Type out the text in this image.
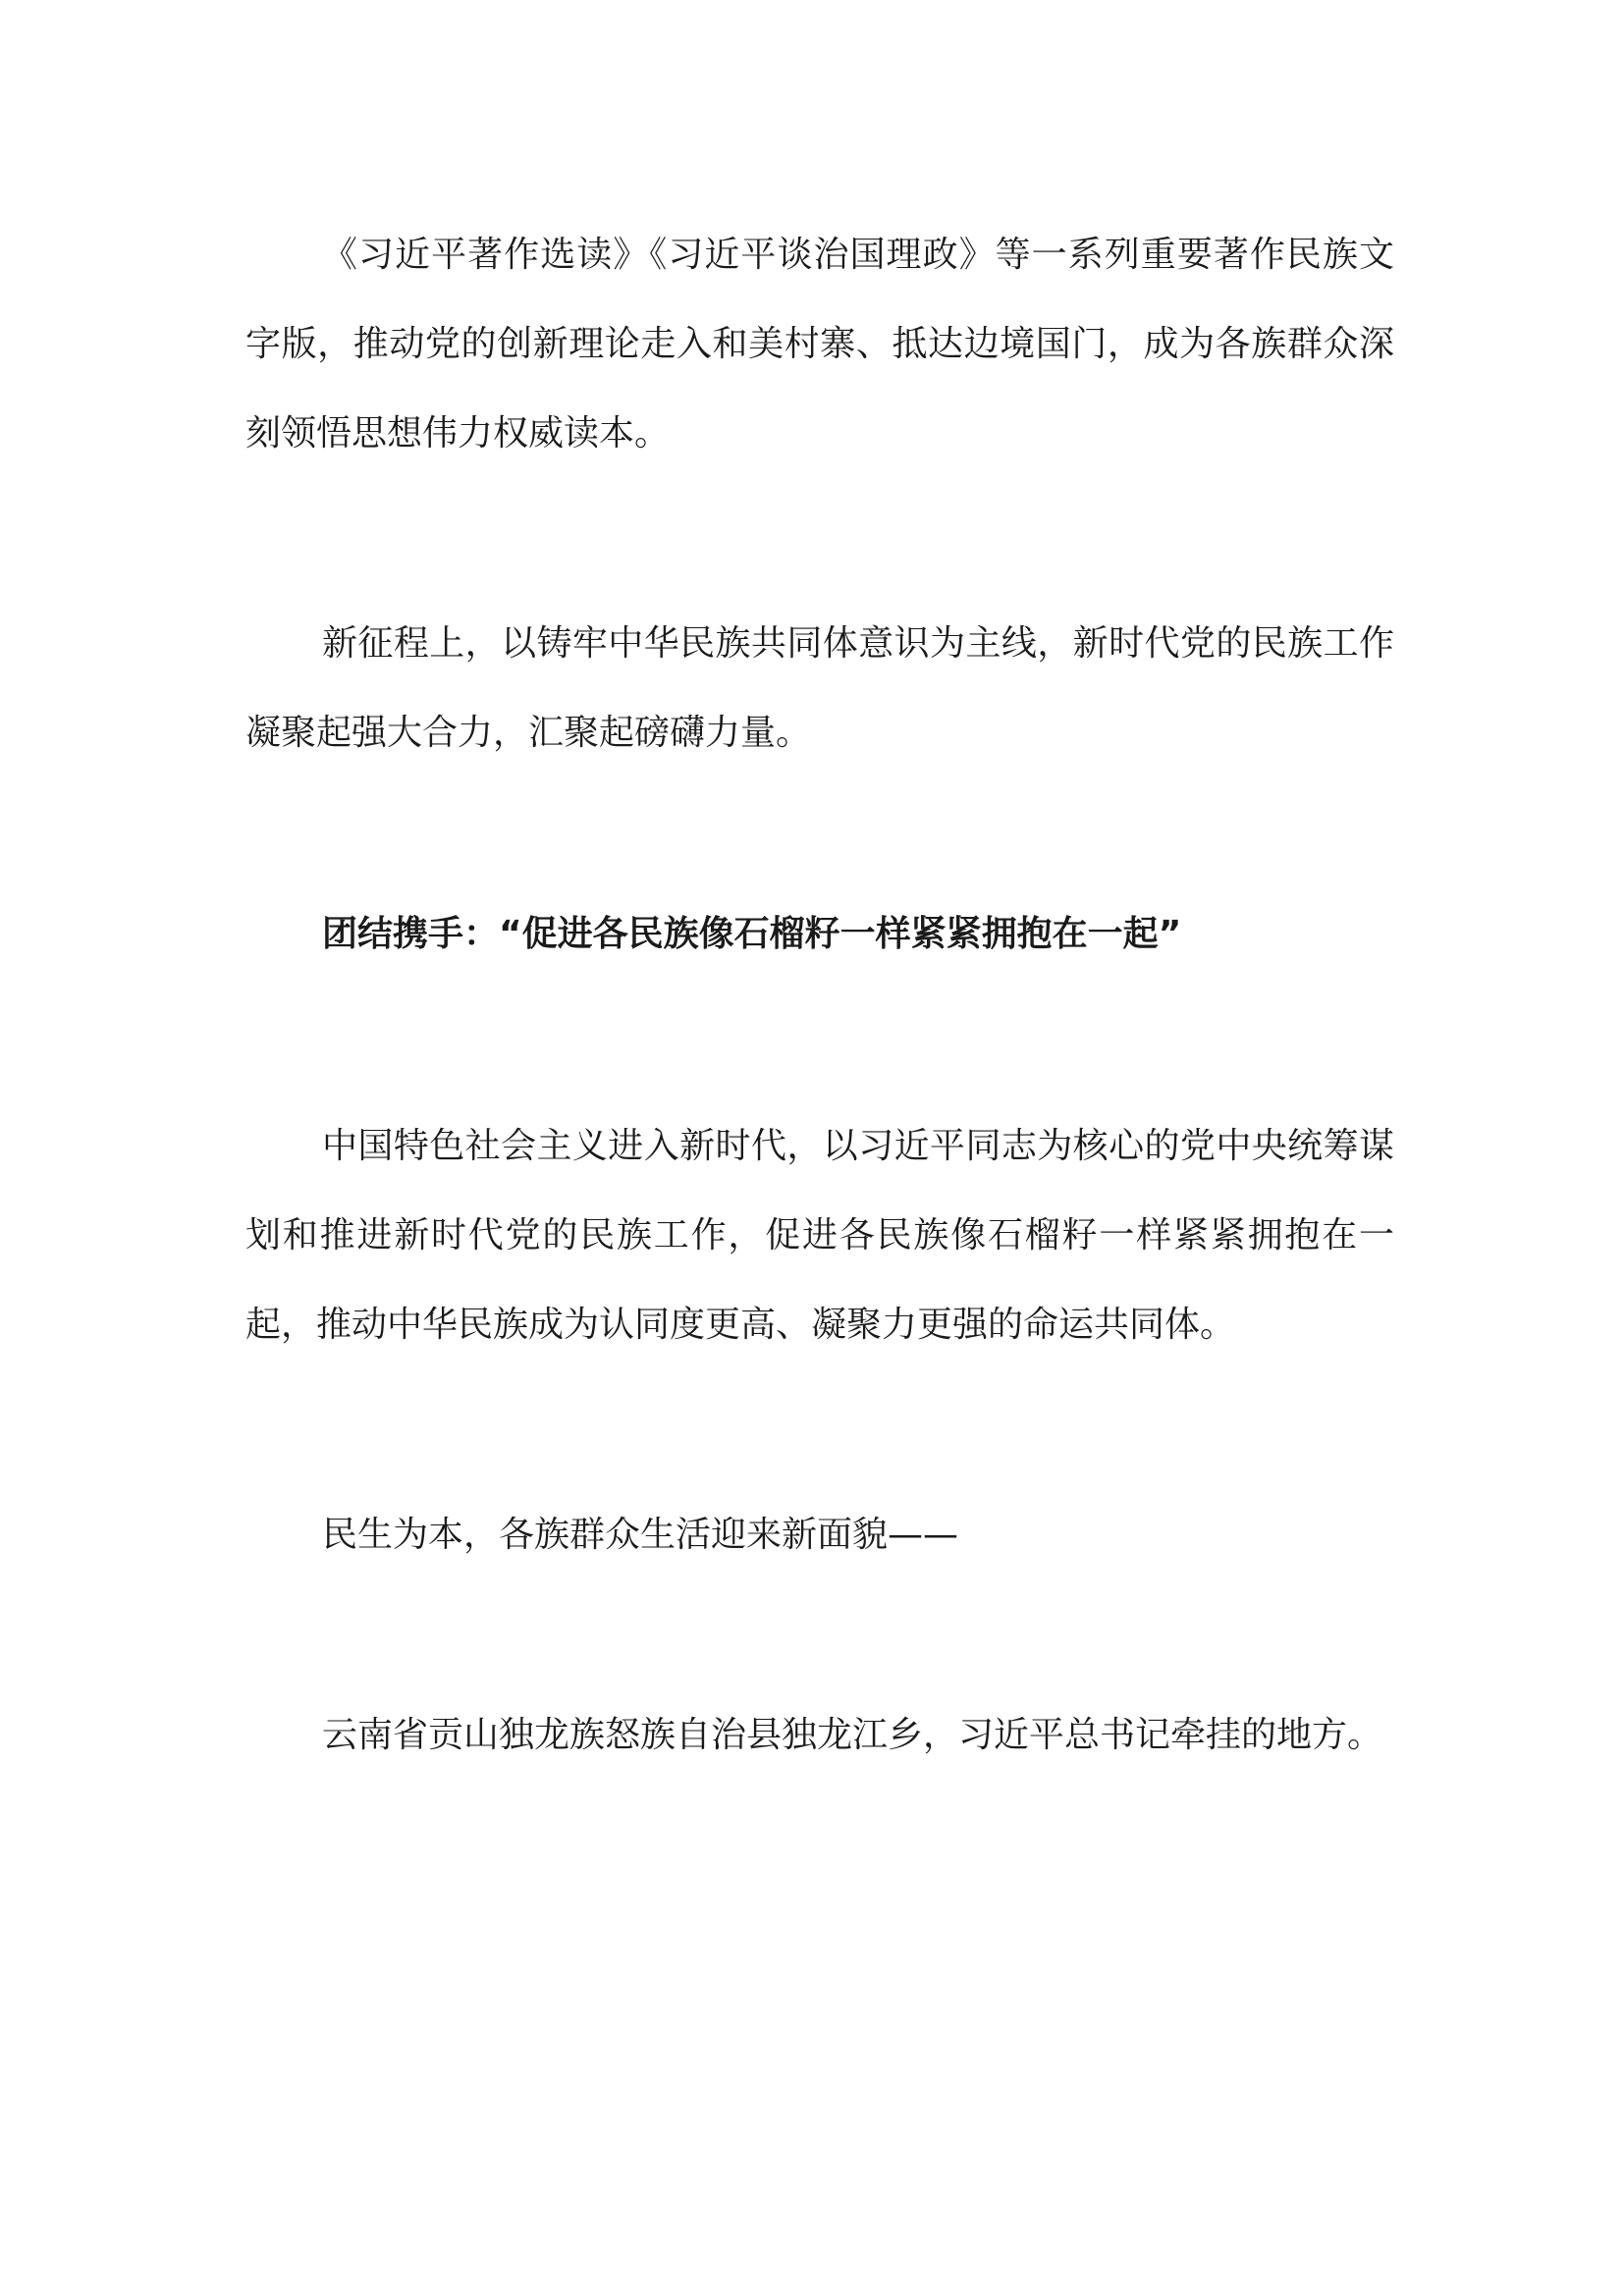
《习近平著作选读》《习近平谈治国理政》等一系列重要著作民族文字版，推动党的创新理论走入和美村寨、抵达边境国门，成为各族群众深刻领悟思想伟力权威读本。

新征程上，以铸牢中华民族共同体意识为主线，新时代党的民族工作凝聚起强大合力，汇聚起磅礴力量。

团结携手：“促进各民族像石榴籽一样紧紧拥抱在一起”

中国特色社会主义进入新时代，以习近平同志为核心的党中央统筹谋划和推进新时代党的民族工作，促进各民族像石榴籽一样紧紧拥抱在一起，推动中华民族成为认同度更高、凝聚力更强的命运共同体。

民生为本，各族群众生活迎来新面貌——

云南省贡山独龙族怒族自治县独龙江乡，习近平总书记牵挂的地方。
